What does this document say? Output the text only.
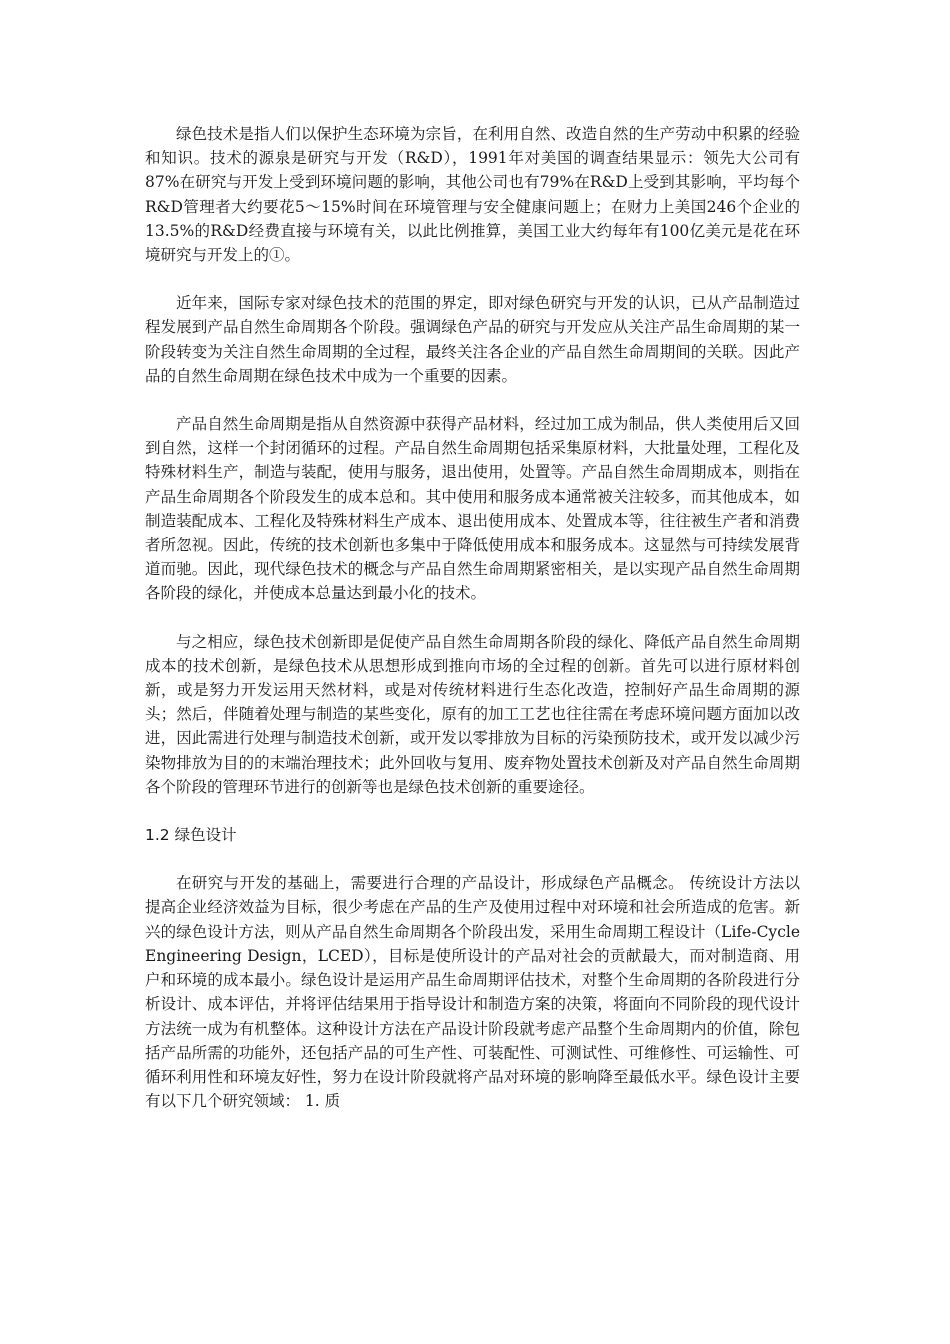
绿色技术是指人们以保护生态环境为宗旨，在利用自然、改造自然的生产劳动中积累的经验和知识。技术的源泉是研究与开发（R&D），1991年对美国的调查结果显示：领先大公司有87%在研究与开发上受到环境问题的影响，其他公司也有79%在R&D上受到其影响，平均每个R&D管理者大约要花5～15%时间在环境管理与安全健康问题上；在财力上美国246个企业的13.5%的R&D经费直接与环境有关，以此比例推算，美国工业大约每年有100亿美元是花在环境研究与开发上的①。

近年来，国际专家对绿色技术的范围的界定，即对绿色研究与开发的认识，已从产品制造过程发展到产品自然生命周期各个阶段。强调绿色产品的研究与开发应从关注产品生命周期的某一阶段转变为关注自然生命周期的全过程，最终关注各企业的产品自然生命周期间的关联。因此产品的自然生命周期在绿色技术中成为一个重要的因素。

产品自然生命周期是指从自然资源中获得产品材料，经过加工成为制品，供人类使用后又回到自然，这样一个封闭循环的过程。产品自然生命周期包括采集原材料，大批量处理，工程化及特殊材料生产，制造与装配，使用与服务，退出使用，处置等。产品自然生命周期成本，则指在产品生命周期各个阶段发生的成本总和。其中使用和服务成本通常被关注较多，而其他成本，如制造装配成本、工程化及特殊材料生产成本、退出使用成本、处置成本等，往往被生产者和消费者所忽视。因此，传统的技术创新也多集中于降低使用成本和服务成本。这显然与可持续发展背道而驰。因此，现代绿色技术的概念与产品自然生命周期紧密相关，是以实现产品自然生命周期各阶段的绿化，并使成本总量达到最小化的技术。

与之相应，绿色技术创新即是促使产品自然生命周期各阶段的绿化、降低产品自然生命周期成本的技术创新，是绿色技术从思想形成到推向市场的全过程的创新。首先可以进行原材料创新，或是努力开发运用天然材料，或是对传统材料进行生态化改造，控制好产品生命周期的源头；然后，伴随着处理与制造的某些变化，原有的加工工艺也往往需在考虑环境问题方面加以改进，因此需进行处理与制造技术创新，或开发以零排放为目标的污染预防技术，或开发以减少污染物排放为目的的末端治理技术；此外回收与复用、废弃物处置技术创新及对产品自然生命周期各个阶段的管理环节进行的创新等也是绿色技术创新的重要途径。

1.2 绿色设计

在研究与开发的基础上，需要进行合理的产品设计，形成绿色产品概念。 传统设计方法以提高企业经济效益为目标，很少考虑在产品的生产及使用过程中对环境和社会所造成的危害。新兴的绿色设计方法，则从产品自然生命周期各个阶段出发，采用生命周期工程设计（Life-Cycle Engineering Design，LCED），目标是使所设计的产品对社会的贡献最大，而对制造商、用户和环境的成本最小。绿色设计是运用产品生命周期评估技术，对整个生命周期的各阶段进行分析设计、成本评估，并将评估结果用于指导设计和制造方案的决策，将面向不同阶段的现代设计方法统一成为有机整体。这种设计方法在产品设计阶段就考虑产品整个生命周期内的价值，除包括产品所需的功能外，还包括产品的可生产性、可装配性、可测试性、可维修性、可运输性、可循环利用性和环境友好性，努力在设计阶段就将产品对环境的影响降至最低水平。绿色设计主要有以下几个研究领域： 1. 质
